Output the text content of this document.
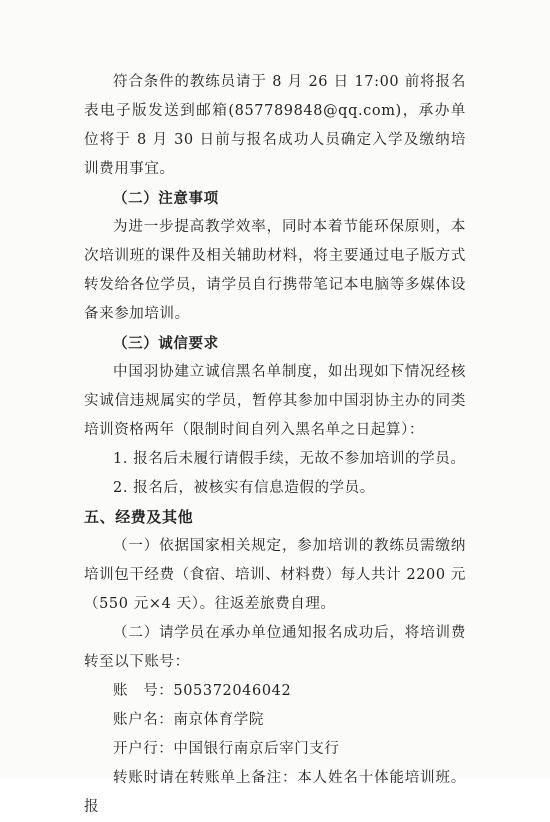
符合条件的教练员请于 8 月 26 日 17:00 前将报名表电子版发送到邮箱(857789848@qq.com)，承办单位将于 8 月 30 日前与报名成功人员确定入学及缴纳培训费用事宜。

（二）注意事项

为进一步提高教学效率，同时本着节能环保原则，本次培训班的课件及相关辅助材料，将主要通过电子版方式转发给各位学员，请学员自行携带笔记本电脑等多媒体设备来参加培训。

（三）诚信要求

中国羽协建立诚信黑名单制度，如出现如下情况经核实诚信违规属实的学员，暂停其参加中国羽协主办的同类培训资格两年（限制时间自列入黑名单之日起算）：

1. 报名后未履行请假手续，无故不参加培训的学员。

2. 报名后，被核实有信息造假的学员。

五、经费及其他

（一）依据国家相关规定，参加培训的教练员需缴纳培训包干经费（食宿、培训、材料费）每人共计 2200 元（550 元×4 天）。往返差旅费自理。

（二）请学员在承办单位通知报名成功后，将培训费转至以下账号：

账　号：505372046042

账户名：南京体育学院

开户行：中国银行南京后宰门支行

转账时请在转账单上备注：本人姓名十体能培训班。报
